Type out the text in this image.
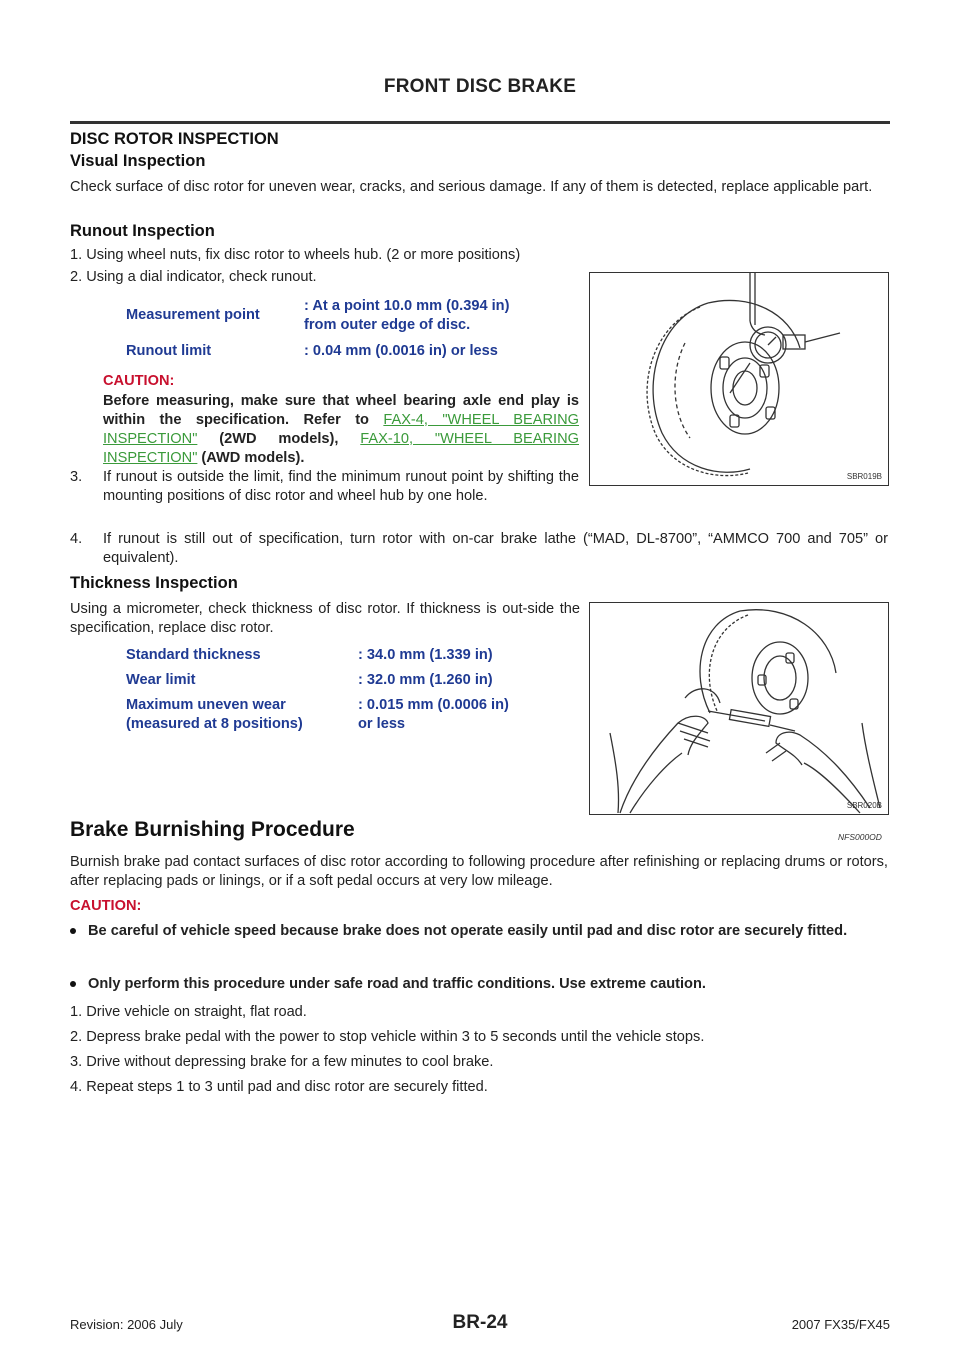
FRONT DISC BRAKE
DISC ROTOR INSPECTION
Visual Inspection
Check surface of disc rotor for uneven wear, cracks, and serious damage. If any of them is detected, replace applicable part.
Runout Inspection
1. Using wheel nuts, fix disc rotor to wheels hub. (2 or more positions)
2. Using a dial indicator, check runout.
Measurement point
: At a point 10.0 mm (0.394 in)
from outer edge of disc.
Runout limit	: 0.04 mm (0.0016 in) or less
CAUTION:
Before measuring, make sure that wheel bearing axle end play is within the specification. Refer to FAX-4, "WHEEL BEARING INSPECTION" (2WD models), FAX-10, "WHEEL BEARING INSPECTION" (AWD models).
3. If runout is outside the limit, find the minimum runout point by shifting the mounting positions of disc rotor and wheel hub by one hole.
4. If runout is still out of specification, turn rotor with on-car brake lathe (“MAD, DL-8700”, “AMMCO 700 and 705” or equivalent).
SBR019B
Thickness Inspection
Using a micrometer, check thickness of disc rotor. If thickness is out-side the specification, replace disc rotor.
Standard thickness	: 34.0 mm (1.339 in)
Wear limit	: 32.0 mm (1.260 in)
Maximum uneven wear
(measured at 8 positions)
: 0.015 mm (0.0006 in)
or less
SBR020B
Brake Burnishing Procedure	NFS000OD
Burnish brake pad contact surfaces of disc rotor according to following procedure after refinishing or replacing drums or rotors, after replacing pads or linings, or if a soft pedal occurs at very low mileage.
CAUTION:
Be careful of vehicle speed because brake does not operate easily until pad and disc rotor are securely fitted.
Only perform this procedure under safe road and traffic conditions. Use extreme caution.
1. Drive vehicle on straight, flat road.
2. Depress brake pedal with the power to stop vehicle within 3 to 5 seconds until the vehicle stops.
3. Drive without depressing brake for a few minutes to cool brake.
4. Repeat steps 1 to 3 until pad and disc rotor are securely fitted.
Revision: 2006 July	BR-24	2007 FX35/FX45
